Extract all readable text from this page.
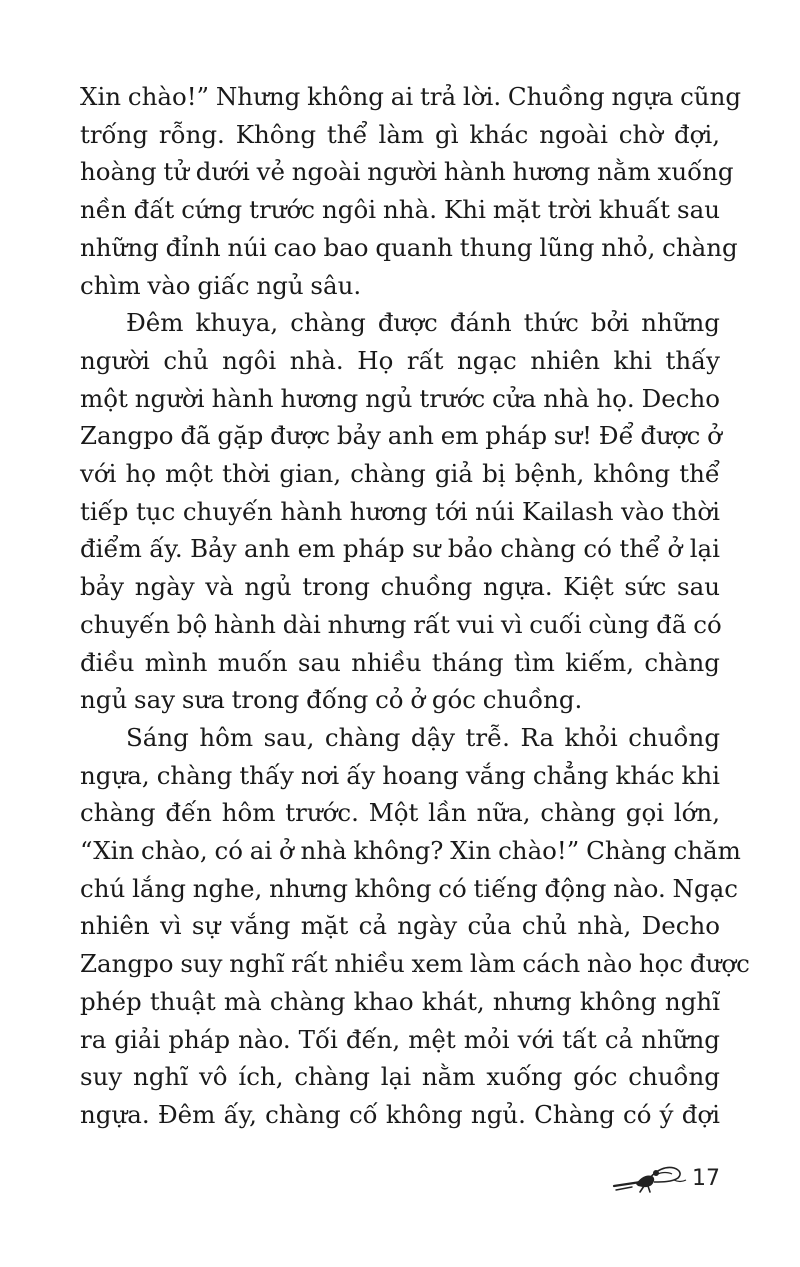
Xin chào!” Nhưng không ai trả lời. Chuồng ngựa cũng
trống rỗng. Không thể làm gì khác ngoài chờ đợi,
hoàng tử dưới vẻ ngoài người hành hương nằm xuống
nền đất cứng trước ngôi nhà. Khi mặt trời khuất sau
những đỉnh núi cao bao quanh thung lũng nhỏ, chàng
chìm vào giấc ngủ sâu.
Đêm khuya, chàng được đánh thức bởi những
người chủ ngôi nhà. Họ rất ngạc nhiên khi thấy
một người hành hương ngủ trước cửa nhà họ. Decho
Zangpo đã gặp được bảy anh em pháp sư! Để được ở
với họ một thời gian, chàng giả bị bệnh, không thể
tiếp tục chuyến hành hương tới núi Kailash vào thời
điểm ấy. Bảy anh em pháp sư bảo chàng có thể ở lại
bảy ngày và ngủ trong chuồng ngựa. Kiệt sức sau
chuyến bộ hành dài nhưng rất vui vì cuối cùng đã có
điều mình muốn sau nhiều tháng tìm kiếm, chàng
ngủ say sưa trong đống cỏ ở góc chuồng.
Sáng hôm sau, chàng dậy trễ. Ra khỏi chuồng
ngựa, chàng thấy nơi ấy hoang vắng chẳng khác khi
chàng đến hôm trước. Một lần nữa, chàng gọi lớn,
“Xin chào, có ai ở nhà không? Xin chào!” Chàng chăm
chú lắng nghe, nhưng không có tiếng động nào. Ngạc
nhiên vì sự vắng mặt cả ngày của chủ nhà, Decho
Zangpo suy nghĩ rất nhiều xem làm cách nào học được
phép thuật mà chàng khao khát, nhưng không nghĩ
ra giải pháp nào. Tối đến, mệt mỏi với tất cả những
suy nghĩ vô ích, chàng lại nằm xuống góc chuồng
ngựa. Đêm ấy, chàng cố không ngủ. Chàng có ý đợi
17
